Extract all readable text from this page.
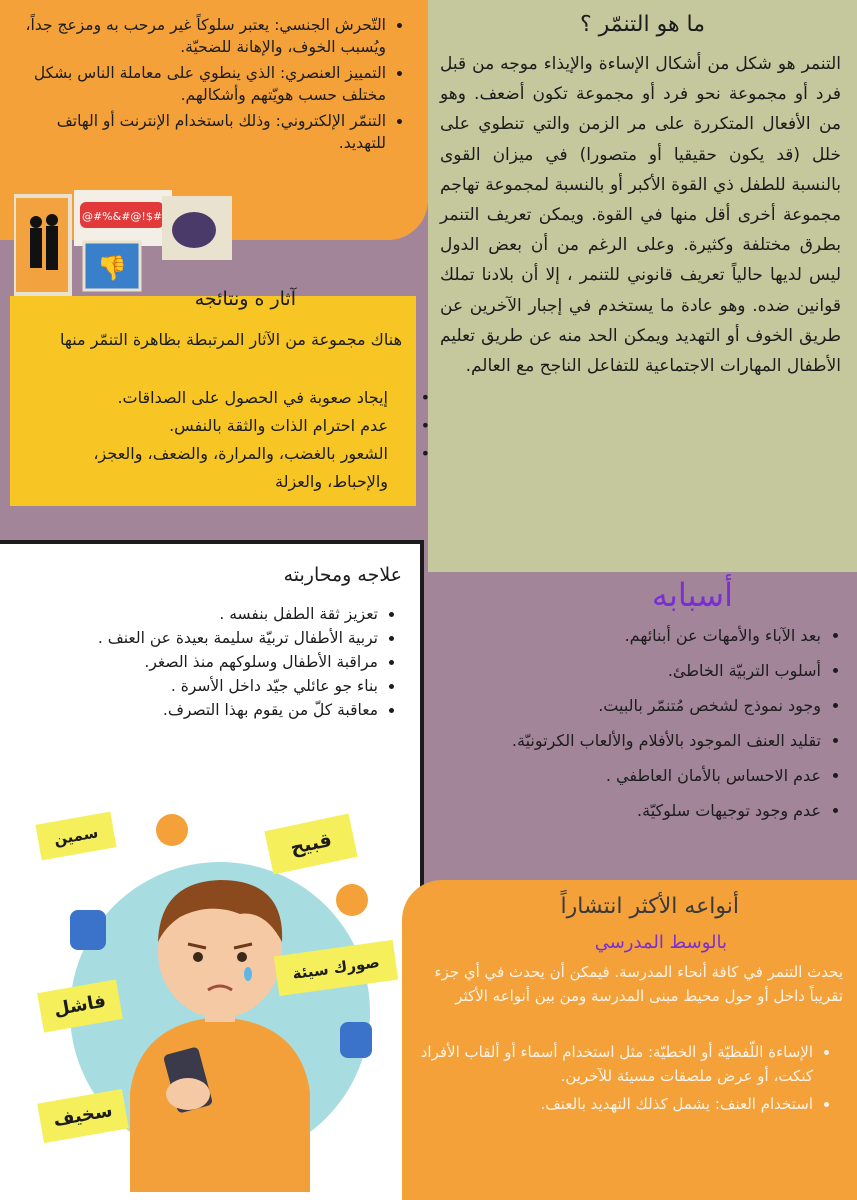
• التّحرش الجنسي: يعتبر سلوكاً غير مرحب به ومزعج جداً، ويُسبب الخوف، والإهانة للضحيّة.
• التمييز العنصري: الذي ينطوي على معاملة الناس بشكل مختلف حسب هويّتهم وأشكالهم.
• التنمّر الإلكتروني: وذلك باستخدام الإنترنت أو الهاتف للتهديد.
#$!@#&%#@
👎
ما هو التنمّر ؟

التنمر هو شكل من أشكال الإساءة والإيذاء موجه من قبل فرد أو مجموعة نحو فرد أو مجموعة تكون أضعف. وهو من الأفعال المتكررة على مر الزمن والتي تنطوي على خلل (قد يكون حقيقيا أو متصورا) في ميزان القوى بالنسبة للطفل ذي القوة الأكبر أو بالنسبة لمجموعة تهاجم مجموعة أخرى أقل منها في القوة. ويمكن تعريف التنمر بطرق مختلفة وكثيرة. وعلى الرغم من أن بعض الدول ليس لديها حالياً تعريف قانوني للتنمر ، إلا أن بلادنا تملك قوانين ضده. وهو عادة ما يستخدم في إجبار الآخرين عن طريق الخوف أو التهديد ويمكن الحد منه عن طريق تعليم الأطفال المهارات الاجتماعية للتفاعل الناجح مع العالم.

آثار ه ونتائجه
هناك مجموعة من الآثار المرتبطة بظاهرة التنمّر منها
إيجاد صعوبة في الحصول على الصداقات. •
عدم احترام الذات والثقة بالنفس. •
الشعور بالغضب، والمرارة، والضعف، والعجز، والإحباط، والعزلة •
علاجه ومحاربته
• تعزيز ثقة الطفل بنفسه .
• تربية الأطفال تربيّة سليمة بعيدة عن العنف .
• مراقبة الأطفال وسلوكهم منذ الصغر.
• بناء جو عائلي جيّد داخل الأسرة .
• معاقبة كلّ من يقوم بهذا التصرف.
سمين	قبيح
صورك سيئة
فاشل
سخيف
أسبابه
• بعد الآباء والأمهات عن أبنائهم.
• أسلوب التربيّة الخاطئ.
• وجود نموذج لشخص مُتنمّر بالبيت.
• تقليد العنف الموجود بالأفلام والألعاب الكرتونيّة.
• عدم الاحساس بالأمان العاطفي .
• عدم وجود توجيهات سلوكيّة.
أنواعه الأكثر انتشاراً
بالوسط المدرسي

يحدث التنمر في كافة أنحاء المدرسة. فيمكن أن يحدث في أي جزء تقريباً داخل أو حول محيط مبنى المدرسة ومن بين أنواعه الأكثر

• الإساءة اللّفظيّة أو الخطيّة: مثل استخدام أسماء أو ألقاب الأفراد كنكت، أو عرض ملصقات مسيئة للآخرين.
• استخدام العنف: يشمل كذلك التهديد بالعنف.
